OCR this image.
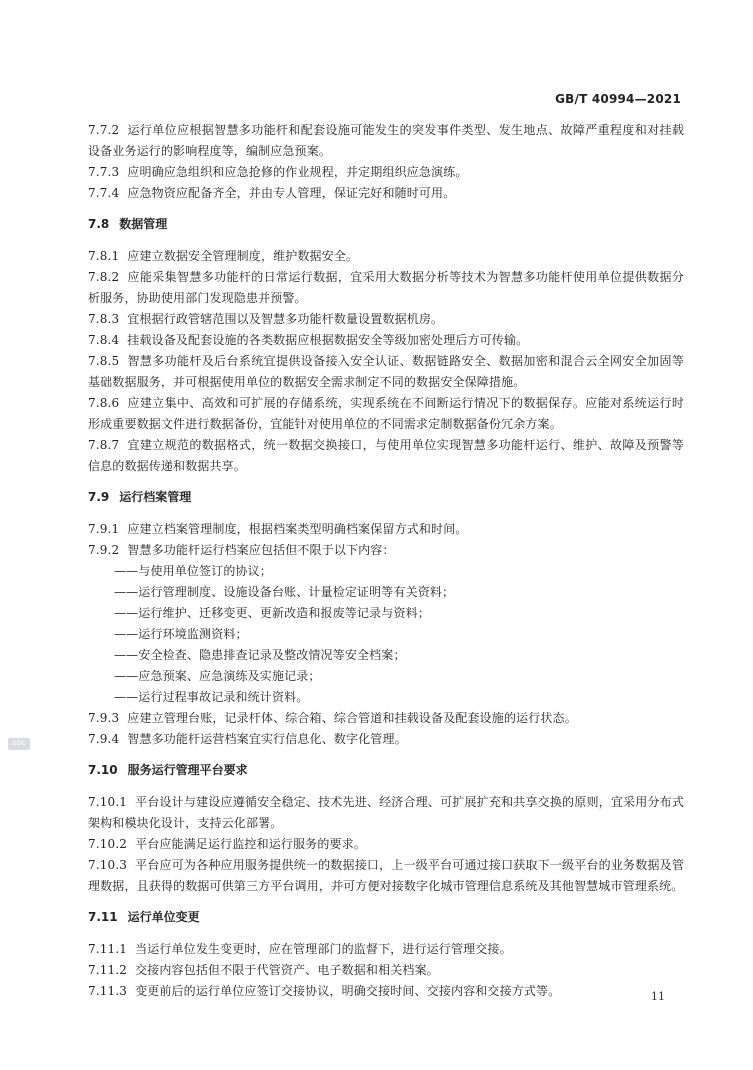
GB/T 40994—2021
SDC

7.7.2 运行单位应根据智慧多功能杆和配套设施可能发生的突发事件类型、发生地点、故障严重程度和对挂载设备业务运行的影响程度等，编制应急预案。

7.7.3 应明确应急组织和应急抢修的作业规程，并定期组织应急演练。

7.7.4 应急物资应配备齐全，并由专人管理，保证完好和随时可用。

7.8 数据管理

7.8.1 应建立数据安全管理制度，维护数据安全。

7.8.2 应能采集智慧多功能杆的日常运行数据，宜采用大数据分析等技术为智慧多功能杆使用单位提供数据分析服务，协助使用部门发现隐患并预警。

7.8.3 宜根据行政管辖范围以及智慧多功能杆数量设置数据机房。

7.8.4 挂载设备及配套设施的各类数据应根据数据安全等级加密处理后方可传输。

7.8.5 智慧多功能杆及后台系统宜提供设备接入安全认证、数据链路安全、数据加密和混合云全网安全加固等基础数据服务，并可根据使用单位的数据安全需求制定不同的数据安全保障措施。

7.8.6 应建立集中、高效和可扩展的存储系统，实现系统在不间断运行情况下的数据保存。应能对系统运行时形成重要数据文件进行数据备份，宜能针对使用单位的不同需求定制数据备份冗余方案。

7.8.7 宜建立规范的数据格式，统一数据交换接口，与使用单位实现智慧多功能杆运行、维护、故障及预警等信息的数据传递和数据共享。

7.9 运行档案管理

7.9.1 应建立档案管理制度，根据档案类型明确档案保留方式和时间。

7.9.2 智慧多功能杆运行档案应包括但不限于以下内容：

——与使用单位签订的协议；

——运行管理制度、设施设备台账、计量检定证明等有关资料；

——运行维护、迁移变更、更新改造和报废等记录与资料；

——运行环境监测资料；

——安全检查、隐患排查记录及整改情况等安全档案；

——应急预案、应急演练及实施记录；

——运行过程事故记录和统计资料。

7.9.3 应建立管理台账，记录杆体、综合箱、综合管道和挂载设备及配套设施的运行状态。

7.9.4 智慧多功能杆运营档案宜实行信息化、数字化管理。

7.10 服务运行管理平台要求

7.10.1 平台设计与建设应遵循安全稳定、技术先进、经济合理、可扩展扩充和共享交换的原则，宜采用分布式架构和模块化设计，支持云化部署。

7.10.2 平台应能满足运行监控和运行服务的要求。

7.10.3 平台应可为各种应用服务提供统一的数据接口，上一级平台可通过接口获取下一级平台的业务数据及管理数据，且获得的数据可供第三方平台调用，并可方便对接数字化城市管理信息系统及其他智慧城市管理系统。

7.11 运行单位变更

7.11.1 当运行单位发生变更时，应在管理部门的监督下，进行运行管理交接。

7.11.2 交接内容包括但不限于代管资产、电子数据和相关档案。

7.11.3 变更前后的运行单位应签订交接协议，明确交接时间、交接内容和交接方式等。	11
